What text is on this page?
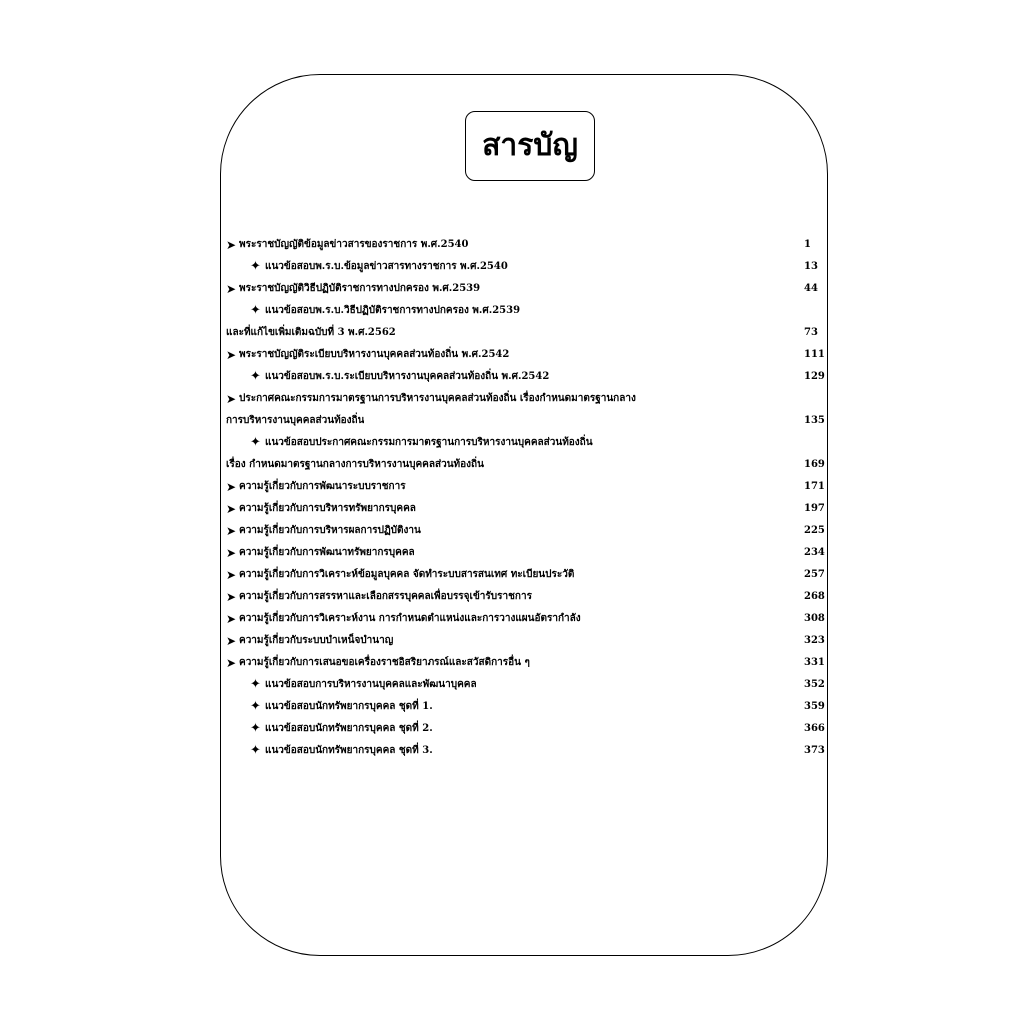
สารบัญ
➤ พระราชบัญญัติข้อมูลข่าวสารของราชการ พ.ศ.2540	1
✦ แนวข้อสอบพ.ร.บ.ข้อมูลข่าวสารทางราชการ พ.ศ.2540	13
➤ พระราชบัญญัติวิธีปฏิบัติราชการทางปกครอง พ.ศ.2539	44
✦ แนวข้อสอบพ.ร.บ.วิธีปฏิบัติราชการทางปกครอง พ.ศ.2539
และที่แก้ไขเพิ่มเติมฉบับที่ 3 พ.ศ.2562	73
➤ พระราชบัญญัติระเบียบบริหารงานบุคคลส่วนท้องถิ่น พ.ศ.2542	111
✦ แนวข้อสอบพ.ร.บ.ระเบียบบริหารงานบุคคลส่วนท้องถิ่น พ.ศ.2542	129
➤ ประกาศคณะกรรมการมาตรฐานการบริหารงานบุคคลส่วนท้องถิ่น เรื่องกำหนดมาตรฐานกลาง
การบริหารงานบุคคลส่วนท้องถิ่น	135
✦ แนวข้อสอบประกาศคณะกรรมการมาตรฐานการบริหารงานบุคคลส่วนท้องถิ่น
เรื่อง กำหนดมาตรฐานกลางการบริหารงานบุคคลส่วนท้องถิ่น	169
➤ ความรู้เกี่ยวกับการพัฒนาระบบราชการ	171
➤ ความรู้เกี่ยวกับการบริหารทรัพยากรบุคคล	197
➤ ความรู้เกี่ยวกับการบริหารผลการปฏิบัติงาน	225
➤ ความรู้เกี่ยวกับการพัฒนาทรัพยากรบุคคล	234
➤ ความรู้เกี่ยวกับการวิเคราะห์ข้อมูลบุคคล จัดทำระบบสารสนเทศ ทะเบียนประวัติ	257
➤ ความรู้เกี่ยวกับการสรรหาและเลือกสรรบุคคลเพื่อบรรจุเข้ารับราชการ	268
➤ ความรู้เกี่ยวกับการวิเคราะห์งาน การกำหนดตำแหน่งและการวางแผนอัตรากำลัง	308
➤ ความรู้เกี่ยวกับระบบบำเหน็จบำนาญ	323
➤ ความรู้เกี่ยวกับการเสนอขอเครื่องราชอิสริยาภรณ์และสวัสดิการอื่น ๆ	331
✦ แนวข้อสอบการบริหารงานบุคคลและพัฒนาบุคคล	352
✦ แนวข้อสอบนักทรัพยากรบุคคล ชุดที่ 1.	359
✦ แนวข้อสอบนักทรัพยากรบุคคล ชุดที่ 2.	366
✦ แนวข้อสอบนักทรัพยากรบุคคล ชุดที่ 3.	373
